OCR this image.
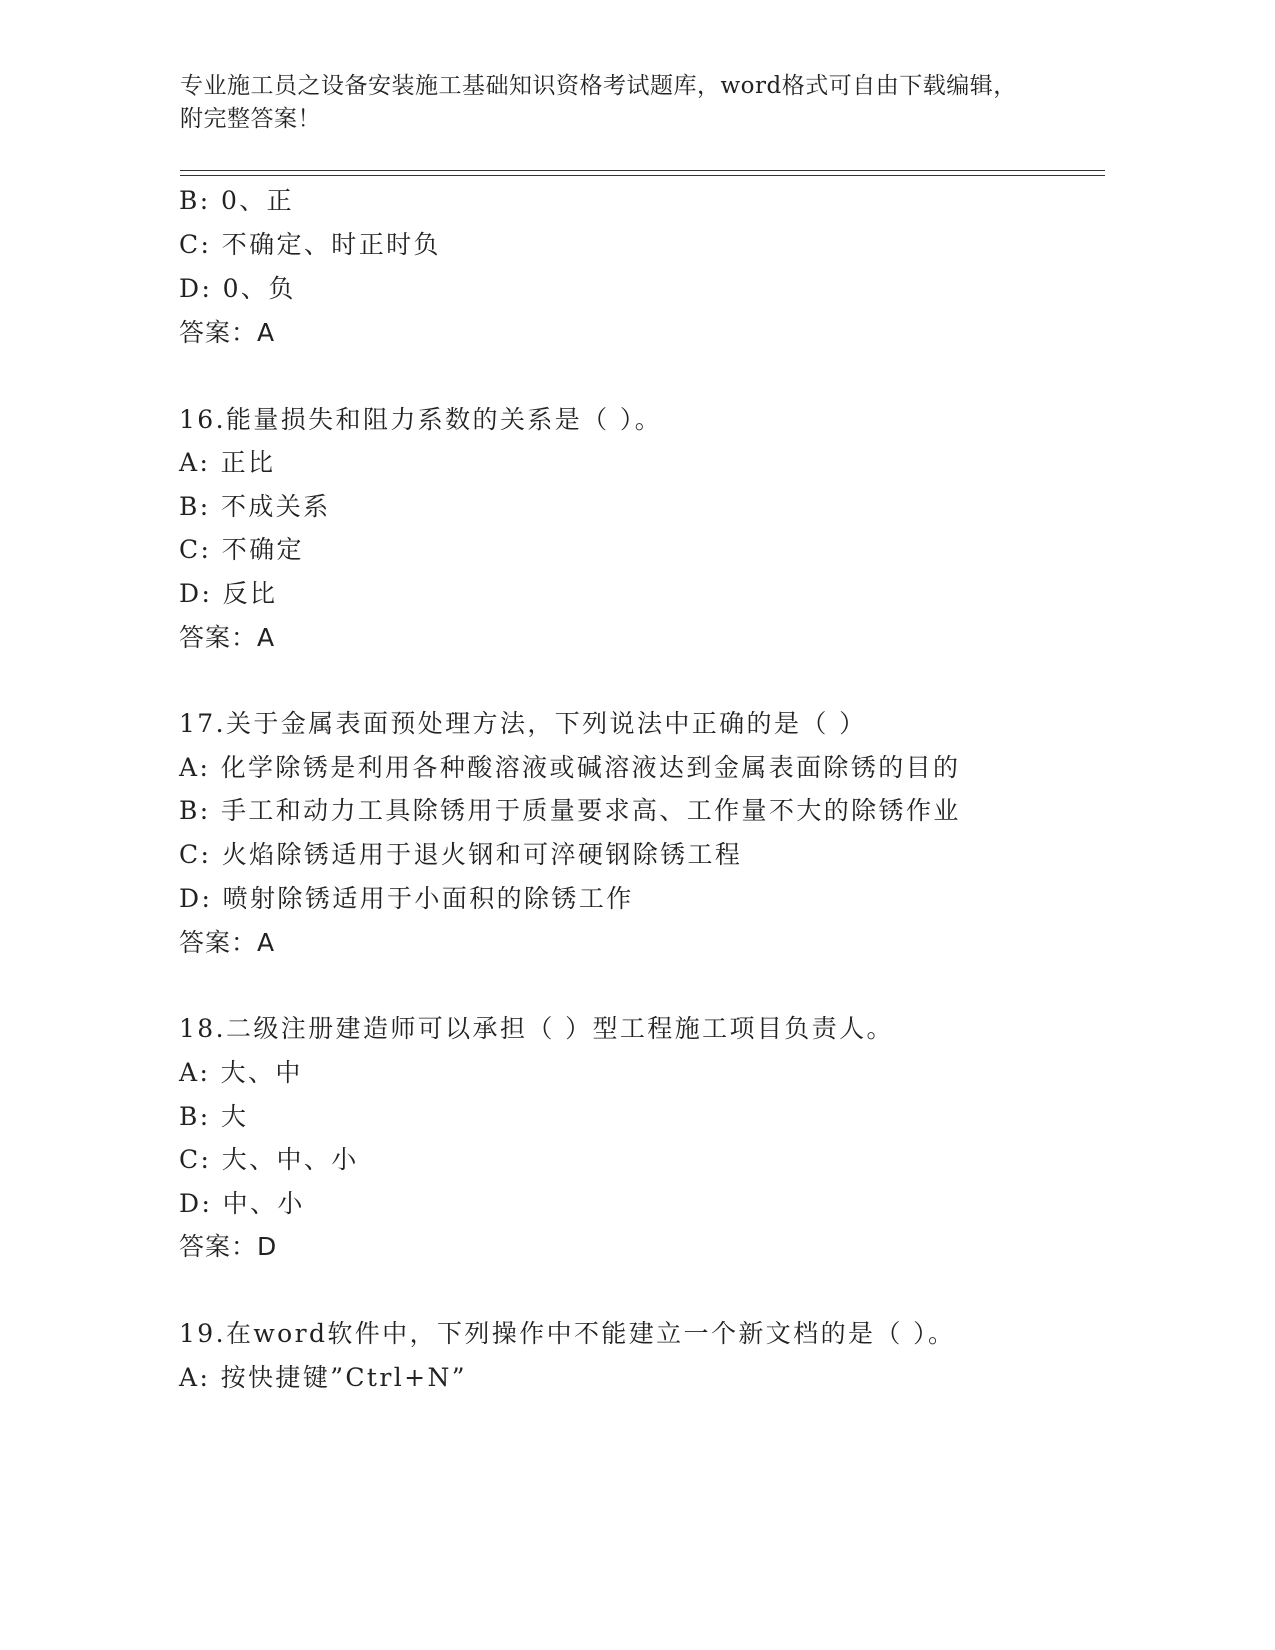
专业施工员之设备安装施工基础知识资格考试题库，word格式可自由下载编辑，
附完整答案！
B: 0、正
C: 不确定、时正时负
D: 0、负
答案：A
16.能量损失和阻力系数的关系是（ ）。
A: 正比
B: 不成关系
C: 不确定
D: 反比
答案：A
17.关于金属表面预处理方法，下列说法中正确的是（ ）
A: 化学除锈是利用各种酸溶液或碱溶液达到金属表面除锈的目的
B: 手工和动力工具除锈用于质量要求高、工作量不大的除锈作业
C: 火焰除锈适用于退火钢和可淬硬钢除锈工程
D: 喷射除锈适用于小面积的除锈工作
答案：A
18.二级注册建造师可以承担（ ）型工程施工项目负责人。
A: 大、中
B: 大
C: 大、中、小
D: 中、小
答案：D
19.在word软件中，下列操作中不能建立一个新文档的是（ ）。
A: 按快捷键”Ctrl+N”
